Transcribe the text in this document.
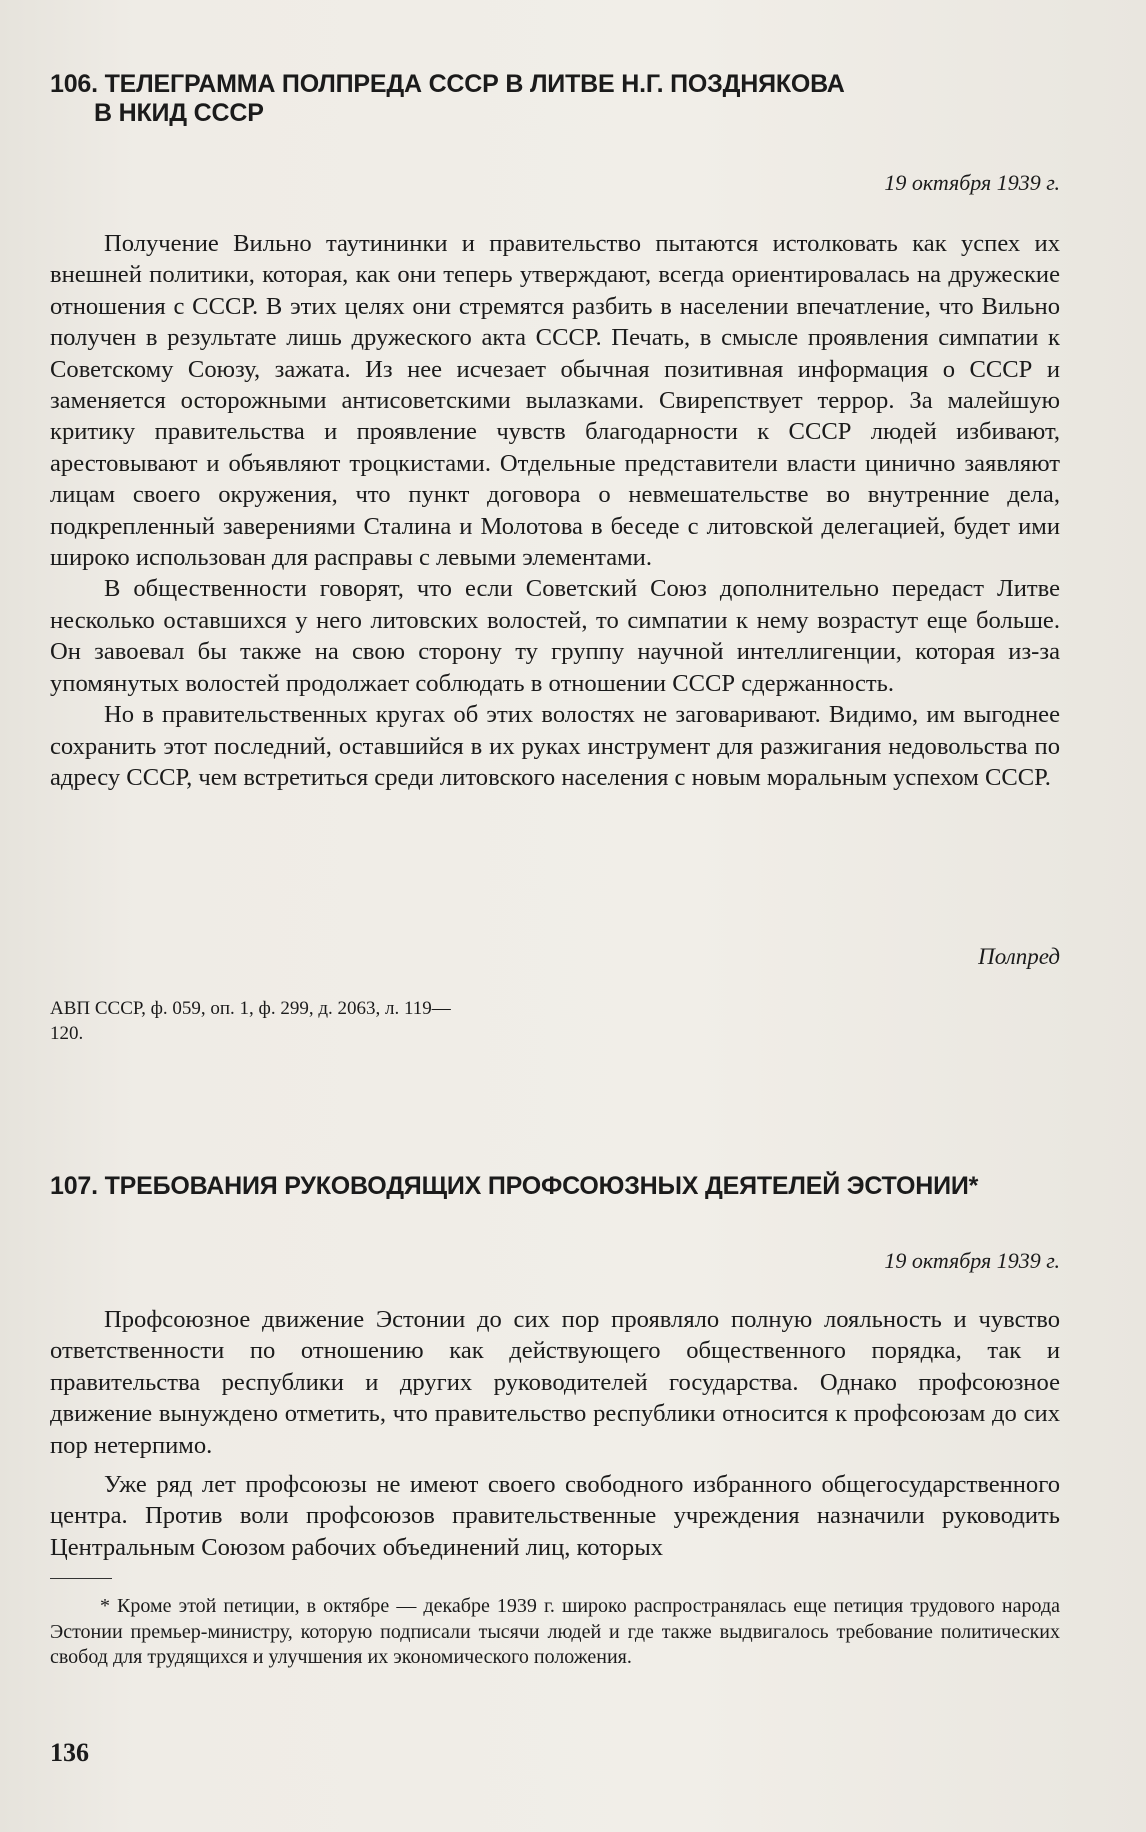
106. ТЕЛЕГРАММА ПОЛПРЕДА СССР В ЛИТВЕ Н.Г. ПОЗДНЯКОВА

В НКИД СССР

19 октября 1939 г.

Получение Вильно таутининки и правительство пытаются истолковать как успех их внешней политики, которая, как они теперь утверждают, всегда ориентировалась на дружеские отношения с СССР. В этих целях они стремятся разбить в населении впечатление, что Вильно получен в результате лишь дружеского акта СССР. Печать, в смысле проявления симпатии к Советскому Союзу, зажата. Из нее исчезает обычная позитивная информация о СССР и заменяется осторожными антисоветскими вылазками. Свирепствует террор. За малейшую критику правительства и проявление чувств благодарности к СССР людей избивают, арестовывают и объявляют троцкистами. Отдельные представители власти цинично заявляют лицам своего окружения, что пункт договора о невмешательстве во внутренние дела, подкрепленный заверениями Сталина и Молотова в беседе с литовской делегацией, будет ими широко использован для расправы с левыми элементами.

В общественности говорят, что если Советский Союз дополнительно передаст Литве несколько оставшихся у него литовских волостей, то симпатии к нему возрастут еще больше. Он завоевал бы также на свою сторону ту группу научной интеллигенции, которая из-за упомянутых волостей продолжает соблюдать в отношении СССР сдержанность.

Но в правительственных кругах об этих волостях не заговаривают. Видимо, им выгоднее сохранить этот последний, оставшийся в их руках инструмент для разжигания недовольства по адресу СССР, чем встретиться среди литовского населения с новым моральным успехом СССР.

Полпред

АВП СССР, ф. 059, оп. 1, ф. 299, д. 2063, л. 119—120.

107. ТРЕБОВАНИЯ РУКОВОДЯЩИХ ПРОФСОЮЗНЫХ ДЕЯТЕЛЕЙ ЭСТОНИИ*

19 октября 1939 г.

Профсоюзное движение Эстонии до сих пор проявляло полную лояльность и чувство ответственности по отношению как действующего общественного порядка, так и правительства республики и других руководителей государства. Однако профсоюзное движение вынуждено отметить, что правительство республики относится к профсоюзам до сих пор нетерпимо.

Уже ряд лет профсоюзы не имеют своего свободного избранного общегосударственного центра. Против воли профсоюзов правительственные учреждения назначили руководить Центральным Союзом рабочих объединений лиц, которых

* Кроме этой петиции, в октябре — декабре 1939 г. широко распространялась еще петиция трудового народа Эстонии премьер-министру, которую подписали тысячи людей и где также выдвигалось требование политических свобод для трудящихся и улучшения их экономического положения.

136
